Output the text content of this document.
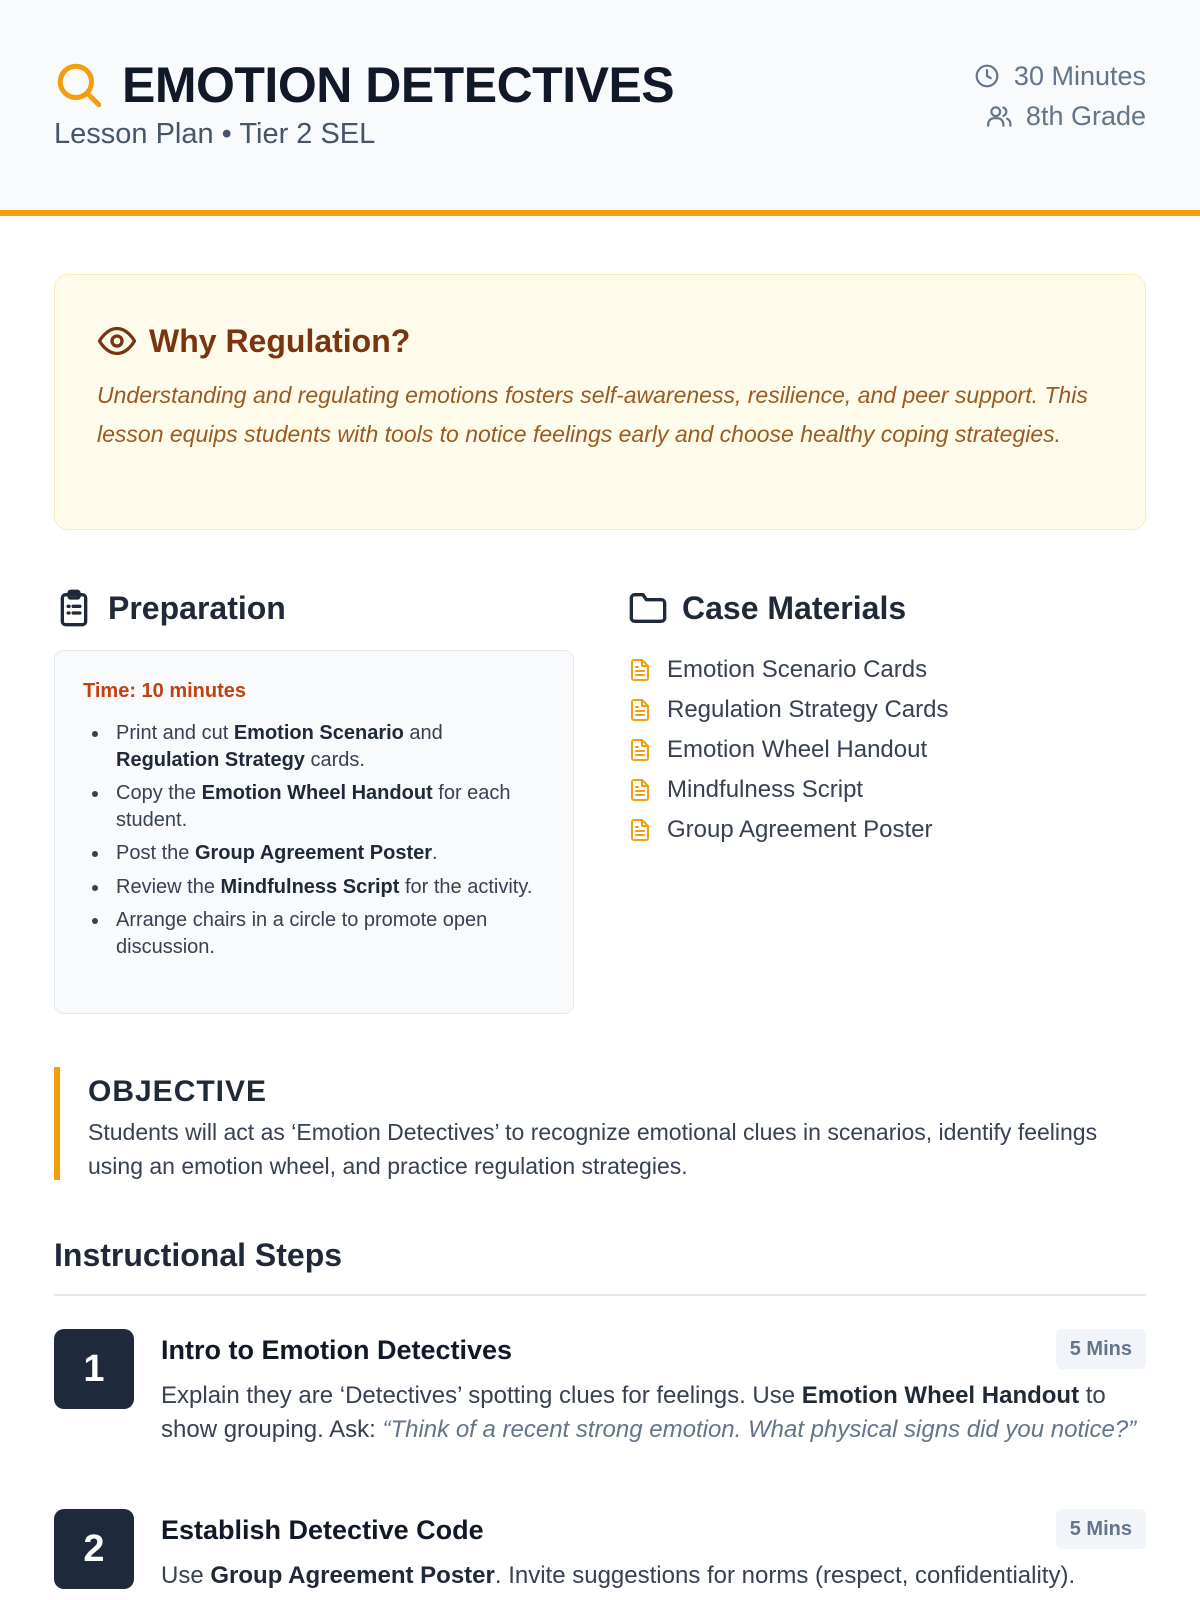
EMOTION DETECTIVES
Lesson Plan • Tier 2 SEL
30 Minutes
8th Grade
Why Regulation?

Understanding and regulating emotions fosters self-awareness, resilience, and peer support. This lesson equips students with tools to notice feelings early and choose healthy coping strategies.

Preparation
Time: 10 minutes
Print and cut Emotion Scenario and Regulation Strategy cards.
Copy the Emotion Wheel Handout for each student.
Post the Group Agreement Poster.
Review the Mindfulness Script for the activity.
Arrange chairs in a circle to promote open discussion.
Case Materials
Emotion Scenario Cards
Regulation Strategy Cards
Emotion Wheel Handout
Mindfulness Script
Group Agreement Poster
OBJECTIVE

Students will act as ‘Emotion Detectives’ to recognize emotional clues in scenarios, identify feelings using an emotion wheel, and practice regulation strategies.

Instructional Steps
1	Intro to Emotion Detectives	5 Mins

Explain they are ‘Detectives’ spotting clues for feelings. Use Emotion Wheel Handout to show grouping. Ask: “Think of a recent strong emotion. What physical signs did you notice?”

2	Establish Detective Code	5 Mins

Use Group Agreement Poster. Invite suggestions for norms (respect, confidentiality).
